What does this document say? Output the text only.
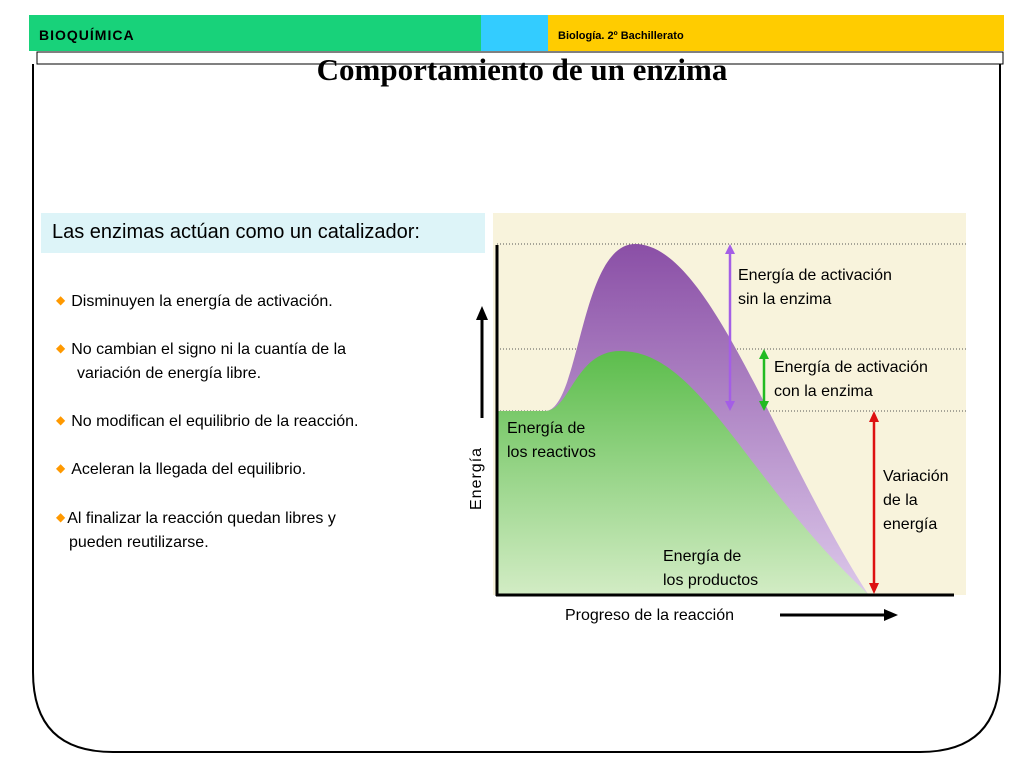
BIOQUÍMICA	Biología. 2º Bachillerato
Comportamiento de un enzima
Las enzimas actúan como un catalizador:
◆ Disminuyen la energía de activación.
◆ No cambian el signo ni la cuantía de la
variación de energía libre.
◆ No modifican el equilibrio de la reacción.
◆ Aceleran la llegada del equilibrio.
◆ Al finalizar la reacción quedan libres y
pueden reutilizarse.
Energía
Progreso de la reacción
Energía de activación
sin la enzima
Energía de activación
con la enzima
Energía de
los reactivos
Energía de
los productos
Variación
de la
energía
